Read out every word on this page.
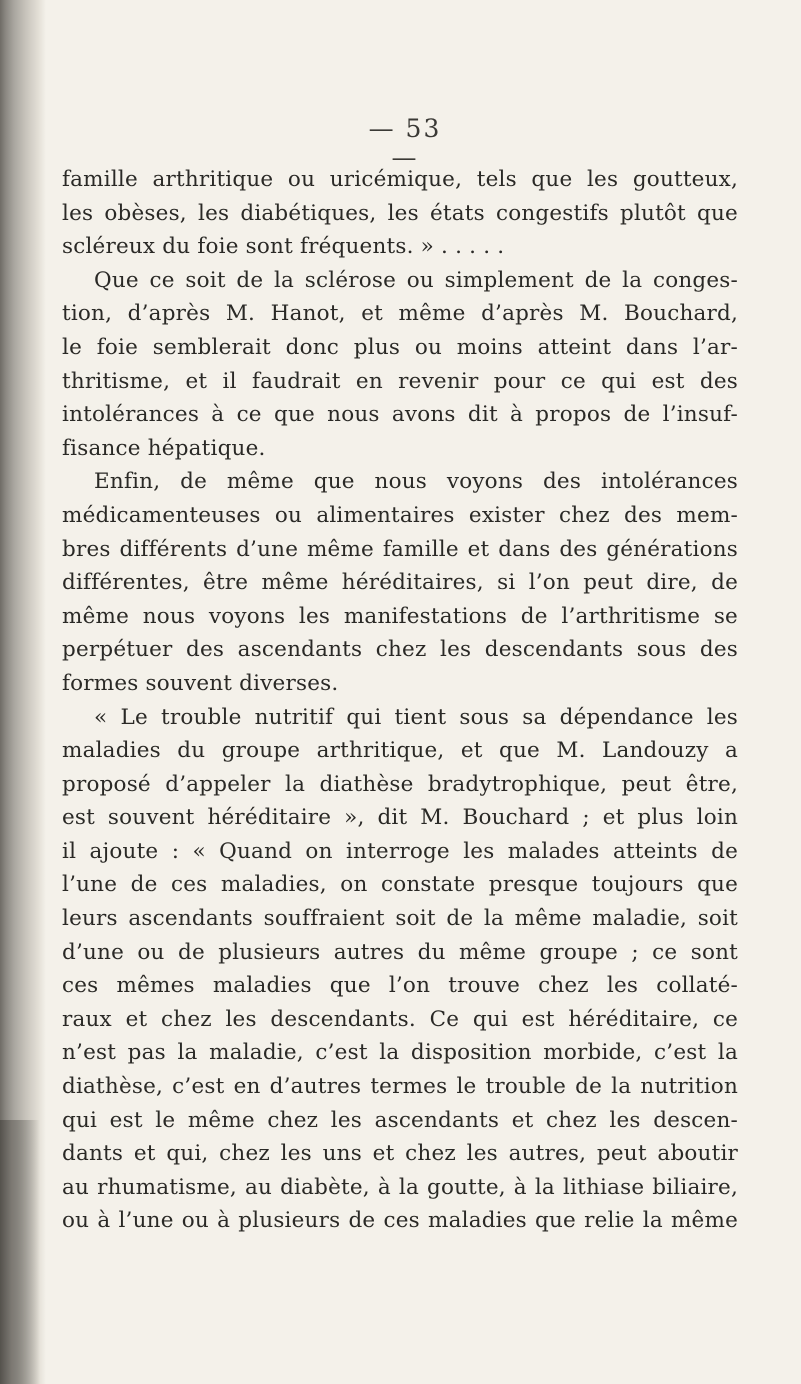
— 53 —
famille arthritique ou uricémique, tels que les goutteux,
les obèses, les diabétiques, les états congestifs plutôt que
scléreux du foie sont fréquents. » . . . . .
Que ce soit de la sclérose ou simplement de la conges-
tion, d’après M. Hanot, et même d’après M. Bouchard,
le foie semblerait donc plus ou moins atteint dans l’ar-
thritisme, et il faudrait en revenir pour ce qui est des
intolérances à ce que nous avons dit à propos de l’insuf-
fisance hépatique.
Enfin, de même que nous voyons des intolérances
médicamenteuses ou alimentaires exister chez des mem-
bres différents d’une même famille et dans des générations
différentes, être même héréditaires, si l’on peut dire, de
même nous voyons les manifestations de l’arthritisme se
perpétuer des ascendants chez les descendants sous des
formes souvent diverses.
« Le trouble nutritif qui tient sous sa dépendance les
maladies du groupe arthritique, et que M. Landouzy a
proposé d’appeler la diathèse bradytrophique, peut être,
est souvent héréditaire », dit M. Bouchard ; et plus loin
il ajoute : « Quand on interroge les malades atteints de
l’une de ces maladies, on constate presque toujours que
leurs ascendants souffraient soit de la même maladie, soit
d’une ou de plusieurs autres du même groupe ; ce sont
ces mêmes maladies que l’on trouve chez les collaté-
raux et chez les descendants. Ce qui est héréditaire, ce
n’est pas la maladie, c’est la disposition morbide, c’est la
diathèse, c’est en d’autres termes le trouble de la nutrition
qui est le même chez les ascendants et chez les descen-
dants et qui, chez les uns et chez les autres, peut aboutir
au rhumatisme, au diabète, à la goutte, à la lithiase biliaire,
ou à l’une ou à plusieurs de ces maladies que relie la même
